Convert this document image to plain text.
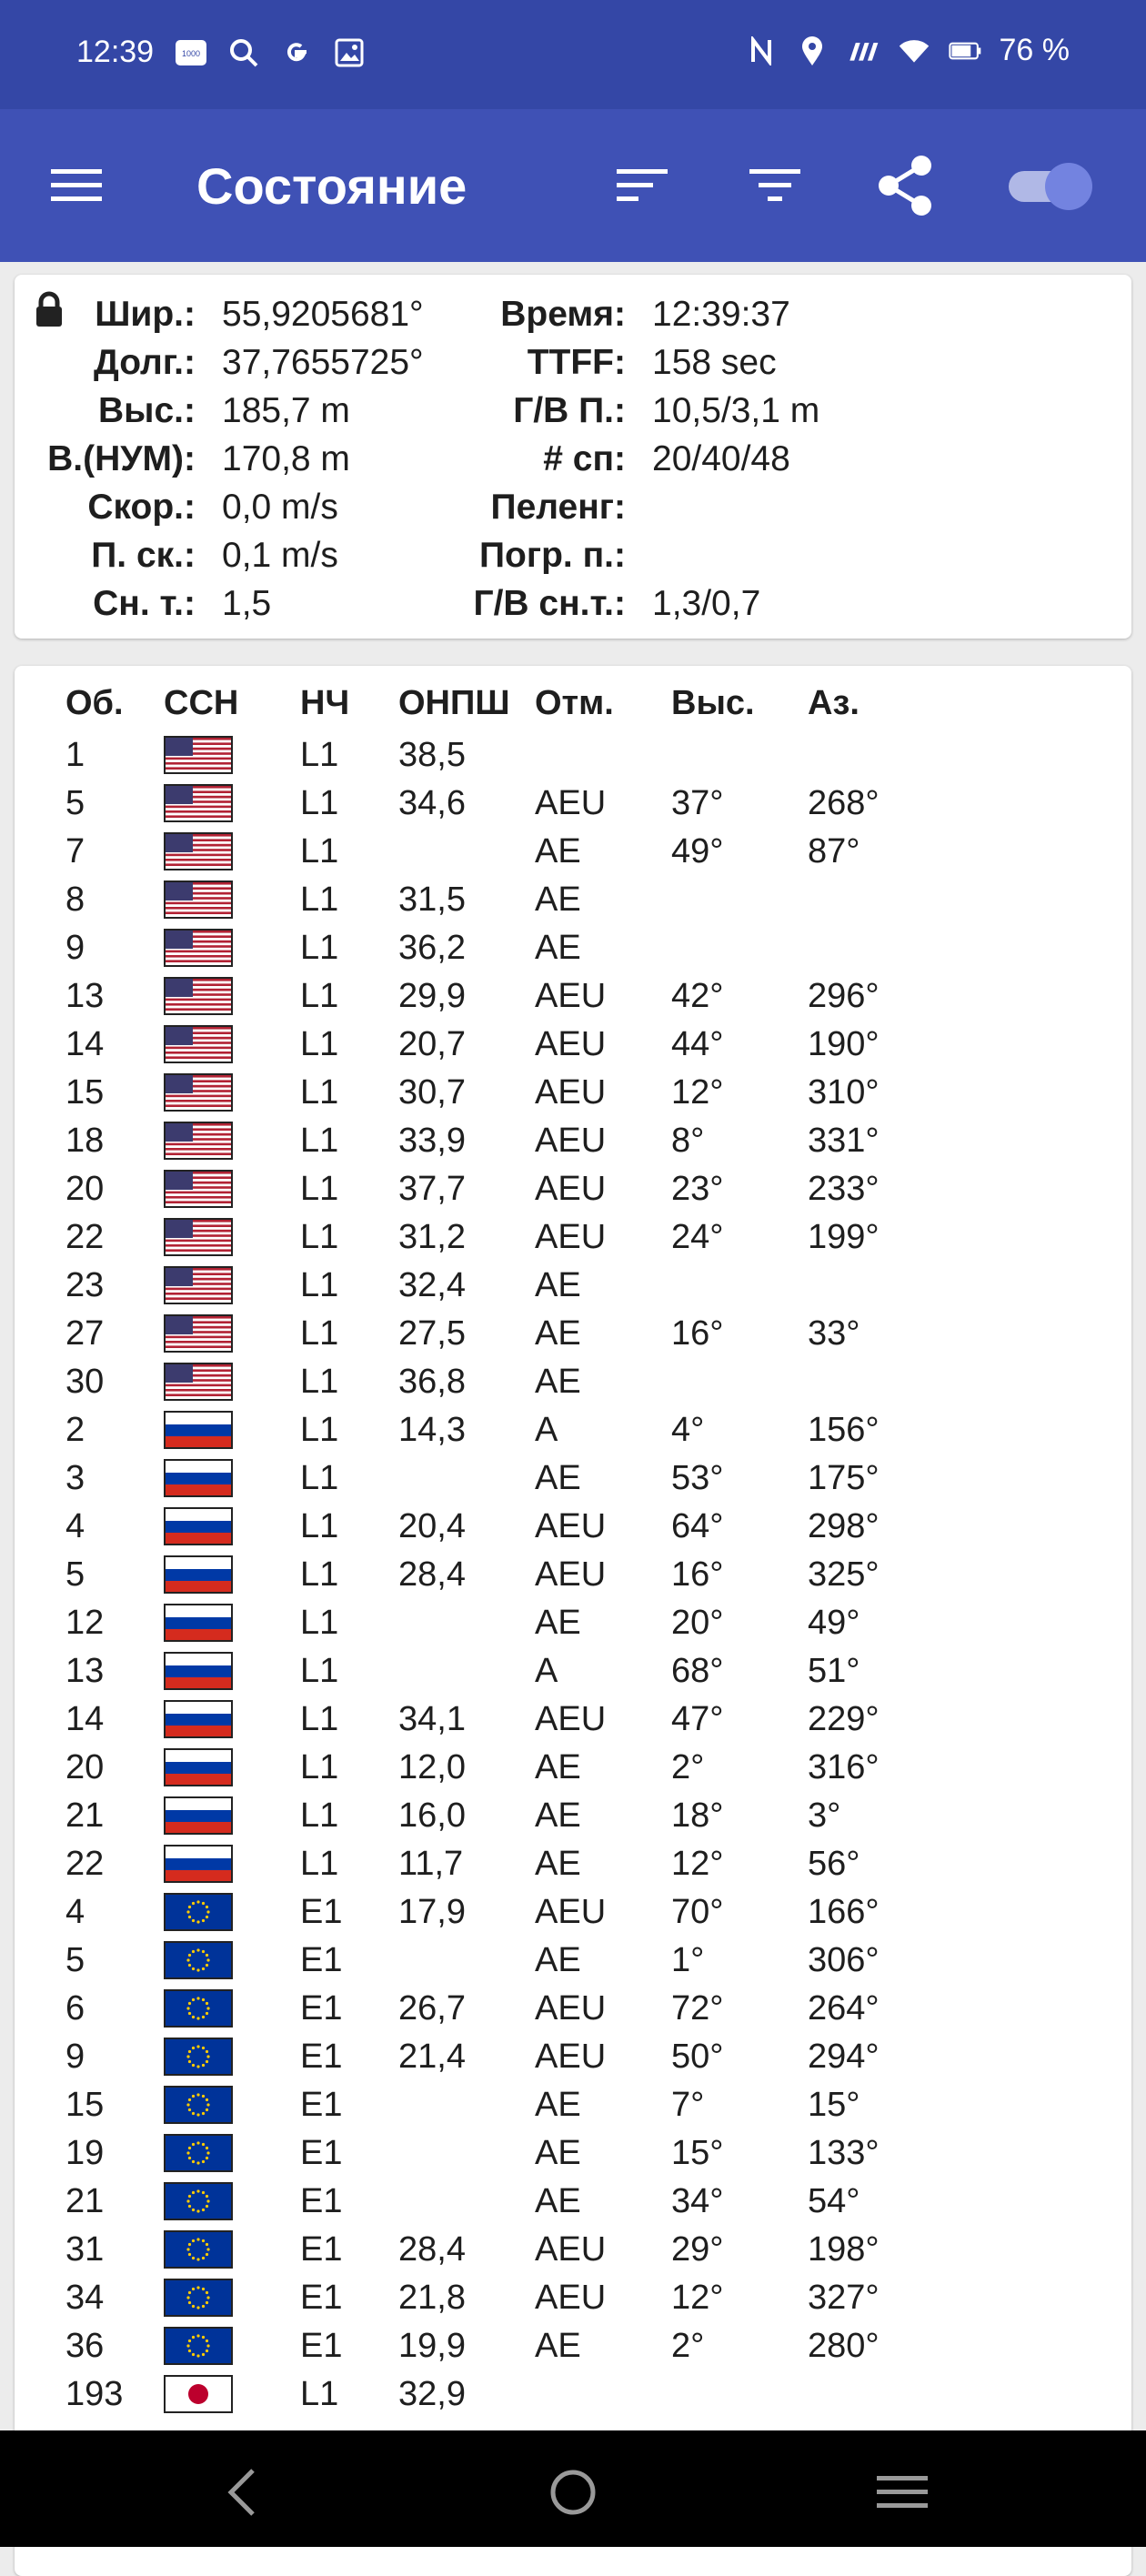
12:39	1000	76 %
Состояние
Шир.: 55,9205681°
Долг.: 37,7655725°
Выс.: 185,7 m
В.(НУМ): 170,8 m
Скор.: 0,0 m/s
П. ск.: 0,1 m/s
Сн. т.: 1,5
Время: 12:39:37
TTFF: 158 sec
Г/В П.: 10,5/3,1 m
# сп: 20/40/48
Пеленг:
Погр. п.:
Г/В сн.т.: 1,3/0,7
Об. ССН НЧ ОНПШ Отм. Выс. Аз.
1	L1 38,5
5	L1 34,6 AEU 37° 268°
7	L1	AE	49° 87°
8	L1 31,5 AE
9	L1 36,2 AE
13	L1 29,9 AEU 42° 296°
14	L1 20,7 AEU 44° 190°
15	L1 30,7 AEU 12° 310°
18	L1 33,9 AEU 8°	331°
20	L1 37,7 AEU 23° 233°
22	L1 31,2 AEU 24° 199°
23	L1 32,4 AE
27	L1 27,5 AE	16° 33°
30	L1 36,8 AE
2	L1 14,3 A	4°	156°
3	L1	AE	53° 175°
4	L1 20,4 AEU 64° 298°
5	L1 28,4 AEU 16° 325°
12	L1	AE	20° 49°
13	L1	A	68° 51°
14	L1 34,1 AEU 47° 229°
20	L1 12,0 AE	2°	316°
21	L1 16,0 AE	18° 3°
22	L1 11,7 AE	12° 56°
4	E1 17,9 AEU 70° 166°
5	E1	AE	1°	306°
6	E1 26,7 AEU 72° 264°
9	E1 21,4 AEU 50° 294°
15	E1	AE	7°	15°
19	E1	AE	15° 133°
21	E1	AE	34° 54°
31	E1 28,4 AEU 29° 198°
34	E1 21,8 AEU 12° 327°
36	E1 19,9 AE	2°	280°
193	L1 32,9
